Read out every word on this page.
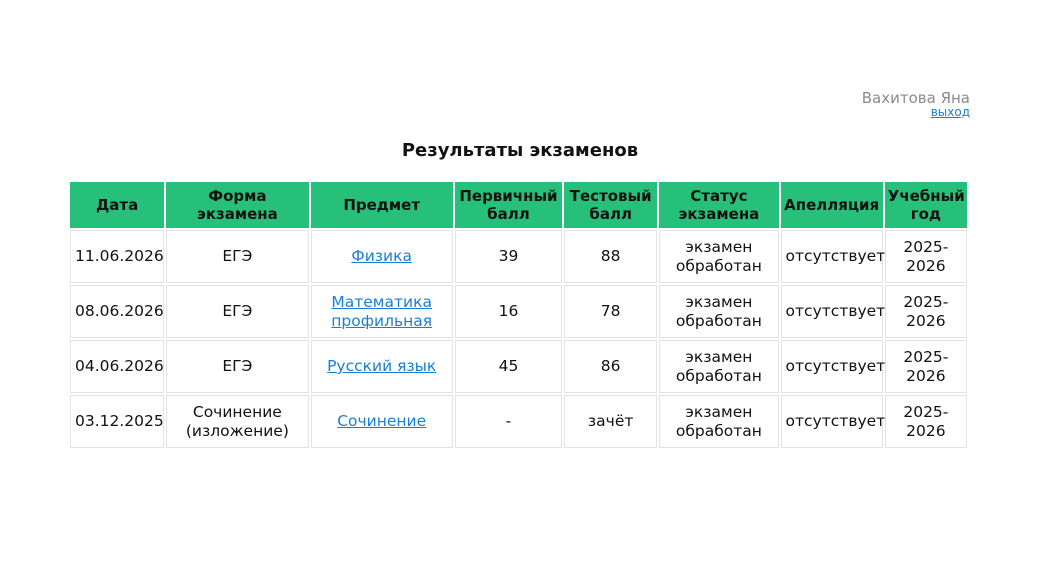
Вахитова Яна
выход
Результаты экзаменов
Дата	Форма экзамена	Предмет	Первичный балл	Тестовый балл	Статус экзамена	Апелляция	Учебный год
11.06.2026	ЕГЭ	Физика	39	88	экзамен обработан	отсутствует	2025-2026
08.06.2026	ЕГЭ	Математика профильная	16	78	экзамен обработан	отсутствует	2025-2026
04.06.2026	ЕГЭ	Русский язык	45	86	экзамен обработан	отсутствует	2025-2026
03.12.2025	Сочинение (изложение)	Сочинение	-	зачёт	экзамен обработан	отсутствует	2025-2026
